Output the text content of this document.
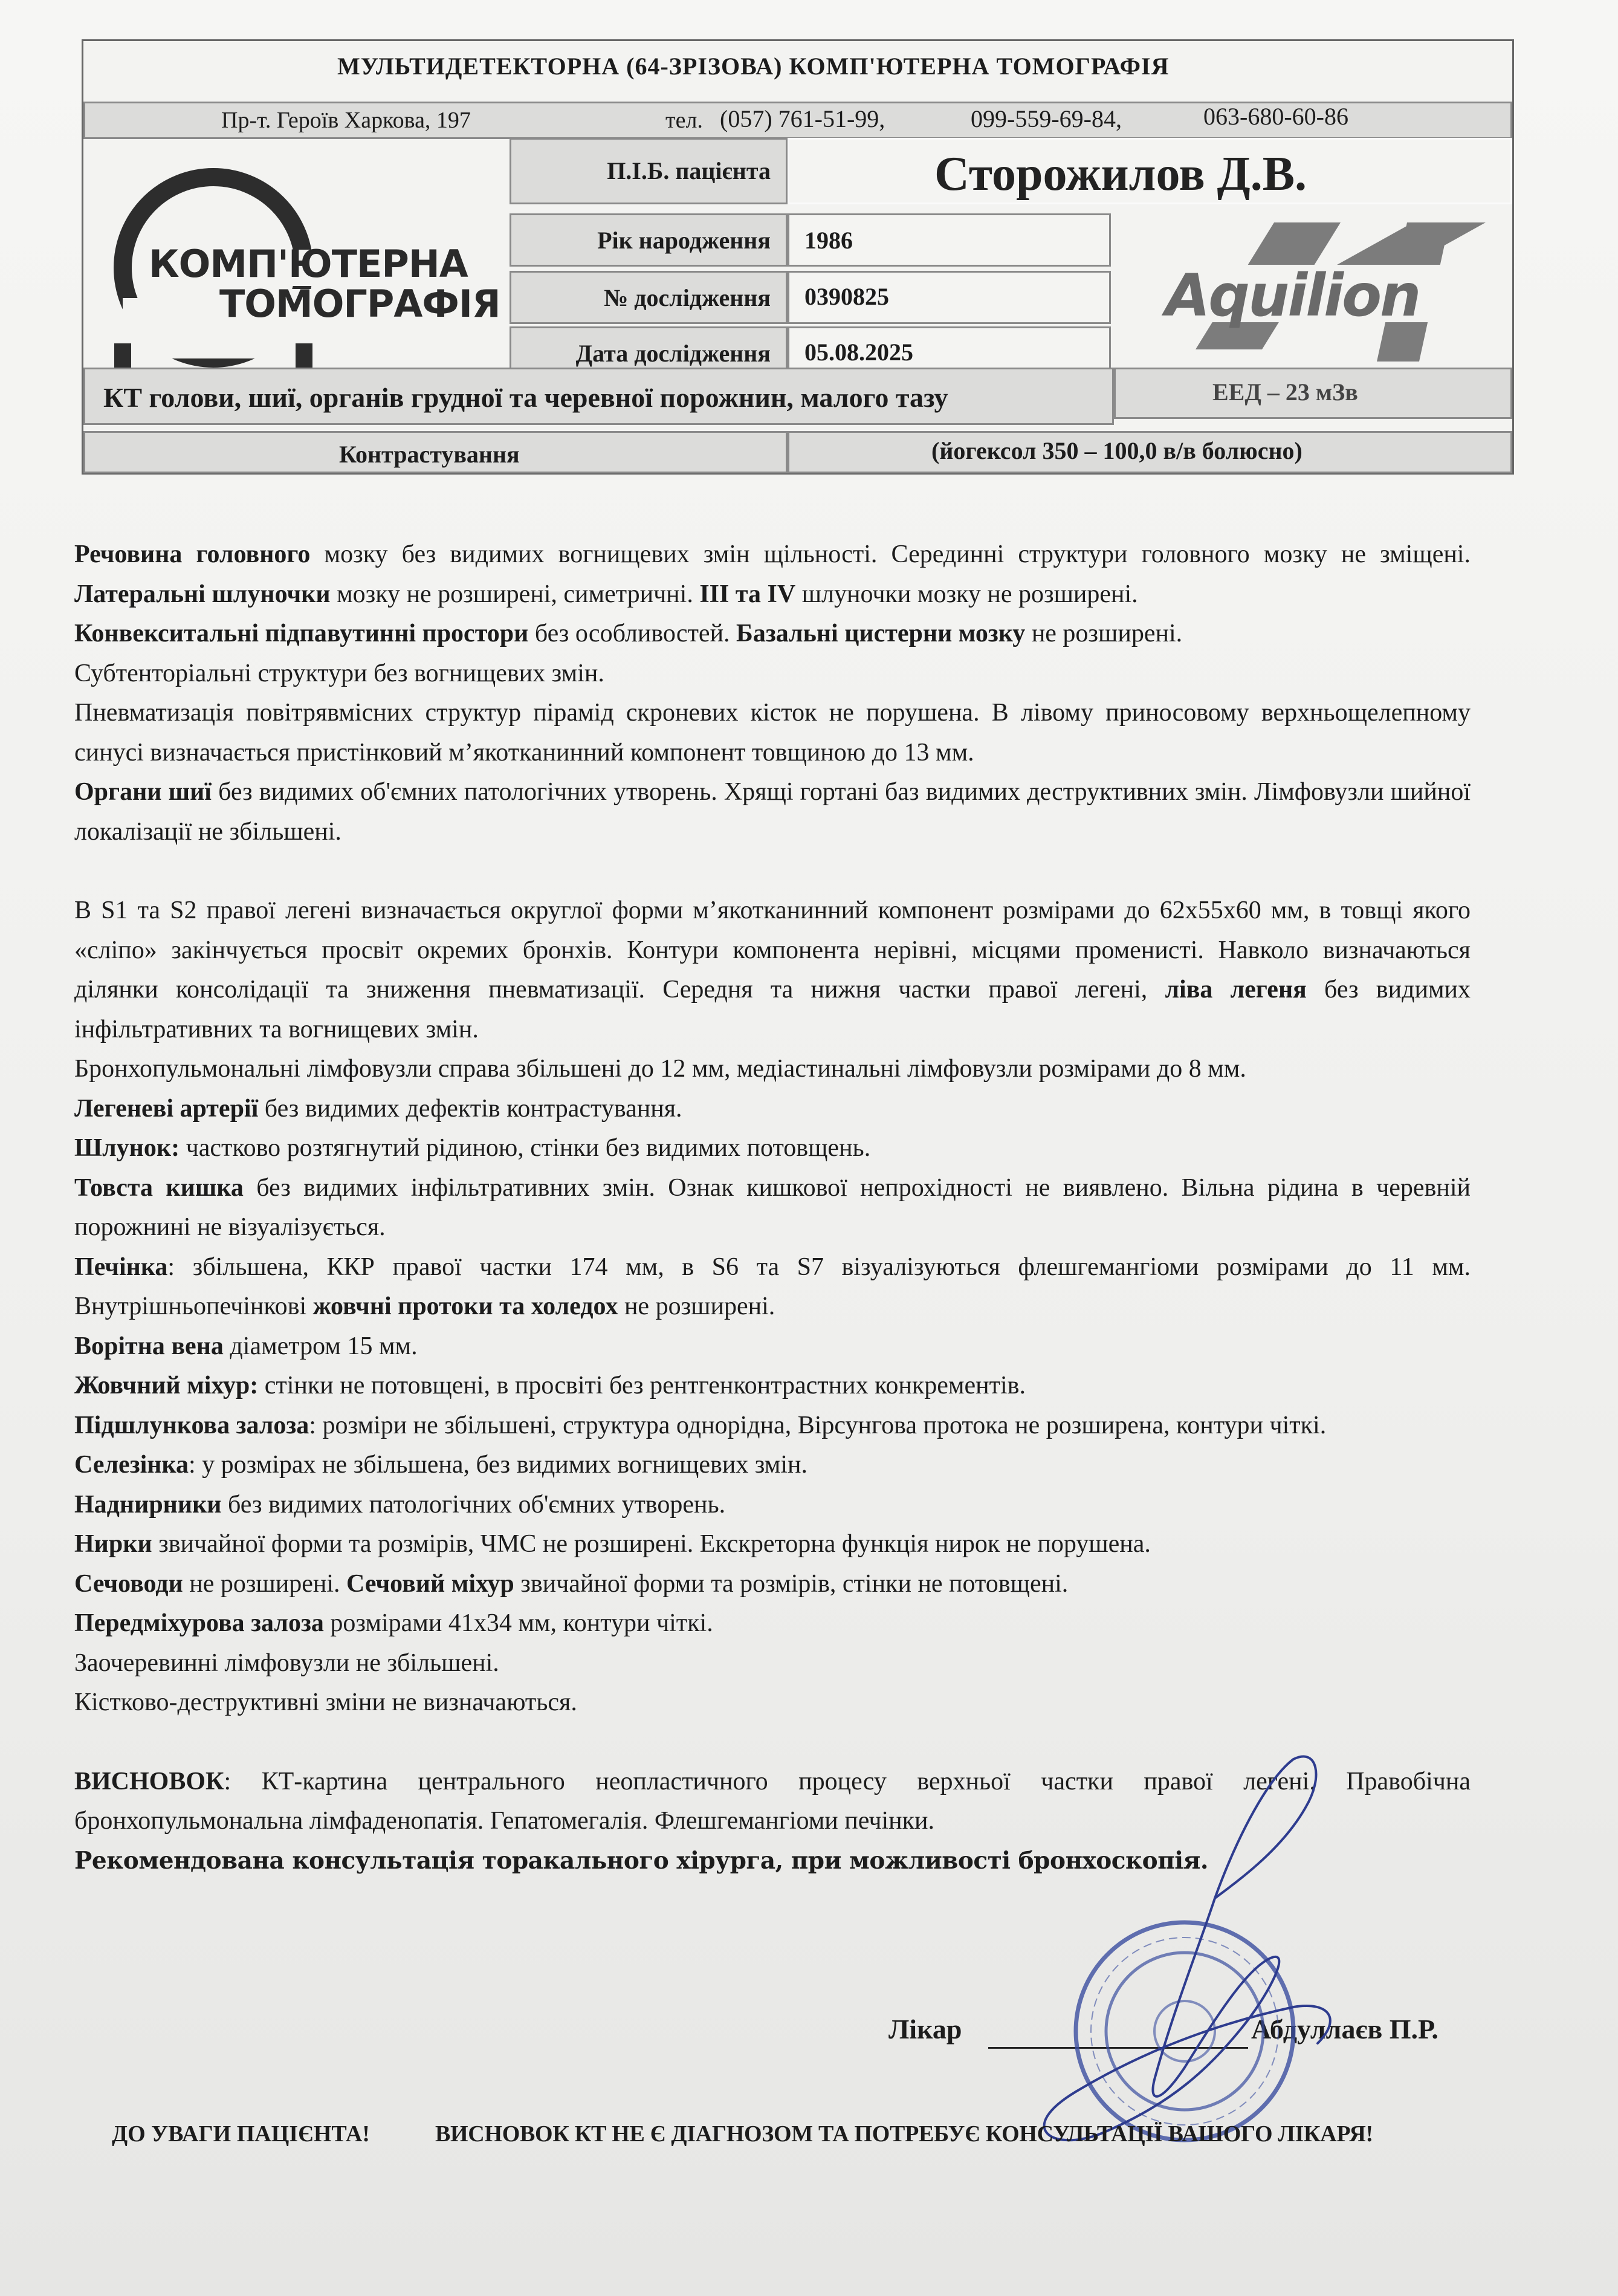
МУЛЬТИДЕТЕКТОРНА (64-ЗРІЗОВА) КОМП'ЮТЕРНА ТОМОГРАФІЯ
Пр-т. Героїв Харкова, 197	тел. (057) 761-51-99,	099-559-69-84,	063-680-60-86
КОМП'ЮТЕРНА
ТОМОГРАФІЯ
П.І.Б. пацієнта	Сторожилов Д.В.
Рік народження 1986
№ дослідження 0390825
Дата дослідження 05.08.2025
Aquilion
КТ голови, шиї, органів грудної та черевної порожнин, малого тазу	ЕЕД – 23 мЗв
Контрастування	(йогексол 350 – 100,0 в/в болюсно)

Речовина головного мозку без видимих вогнищевих змін щільності. Серединні структури головного мозку не зміщені. Латеральні шлуночки мозку не розширені, симетричні. III та IV шлуночки мозку не розширені.

Конвекситальні підпавутинні простори без особливостей. Базальні цистерни мозку не розширені.

Субтенторіальні структури без вогнищевих змін.

Пневматизація повітрявмісних структур пірамід скроневих кісток не порушена. В лівому приносовому верхньощелепному синусі визначається пристінковий м’якотканинний компонент товщиною до 13 мм.

Органи шиї без видимих об'ємних патологічних утворень. Хрящі гортані баз видимих деструктивних змін. Лімфовузли шийної локалізації не збільшені.

В S1 та S2 правої легені визначається округлої форми м’якотканинний компонент розмірами до 62x55x60 мм, в товщі якого «сліпо» закінчується просвіт окремих бронхів. Контури компонента нерівні, місцями променисті. Навколо визначаються ділянки консолідації та зниження пневматизації. Середня та нижня частки правої легені, ліва легеня без видимих інфільтративних та вогнищевих змін.

Бронхопульмональні лімфовузли справа збільшені до 12 мм, медіастинальні лімфовузли розмірами до 8 мм.

Легеневі артерії без видимих дефектів контрастування.

Шлунок: частково розтягнутий рідиною, стінки без видимих потовщень.

Товста кишка без видимих інфільтративних змін. Ознак кишкової непрохідності не виявлено. Вільна рідина в черевній порожнині не візуалізується.

Печінка: збільшена, ККР правої частки 174 мм, в S6 та S7 візуалізуються флешгемангіоми розмірами до 11 мм. Внутрішньопечінкові жовчні протоки та холедох не розширені.

Ворітна вена діаметром 15 мм.

Жовчний міхур: стінки не потовщені, в просвіті без рентгенконтрастних конкрементів.

Підшлункова залоза: розміри не збільшені, структура однорідна, Вірсунгова протока не розширена, контури чіткі.

Селезінка: у розмірах не збільшена, без видимих вогнищевих змін.

Наднирники без видимих патологічних об'ємних утворень.

Нирки звичайної форми та розмірів, ЧМС не розширені. Екскреторна функція нирок не порушена.

Сечоводи не розширені. Сечовий міхур звичайної форми та розмірів, стінки не потовщені.

Передміхурова залоза розмірами 41x34 мм, контури чіткі.

Заочеревинні лімфовузли не збільшені.

Кістково-деструктивні зміни не визначаються.

ВИСНОВОК: КТ-картина центрального неопластичного процесу верхньої частки правої легені. Правобічна бронхопульмональна лімфаденопатія. Гепатомегалія. Флешгемангіоми печінки.

Рекомендована консультація торакального хірурга, при можливості бронхоскопія.

Лікар	Абдуллаєв П.Р.
ДО УВАГИ ПАЦІЄНТА!	ВИСНОВОК КТ НЕ Є ДІАГНОЗОМ ТА ПОТРЕБУЄ КОНСУЛЬТАЦІЇ ВАШОГО ЛІКАРЯ!
